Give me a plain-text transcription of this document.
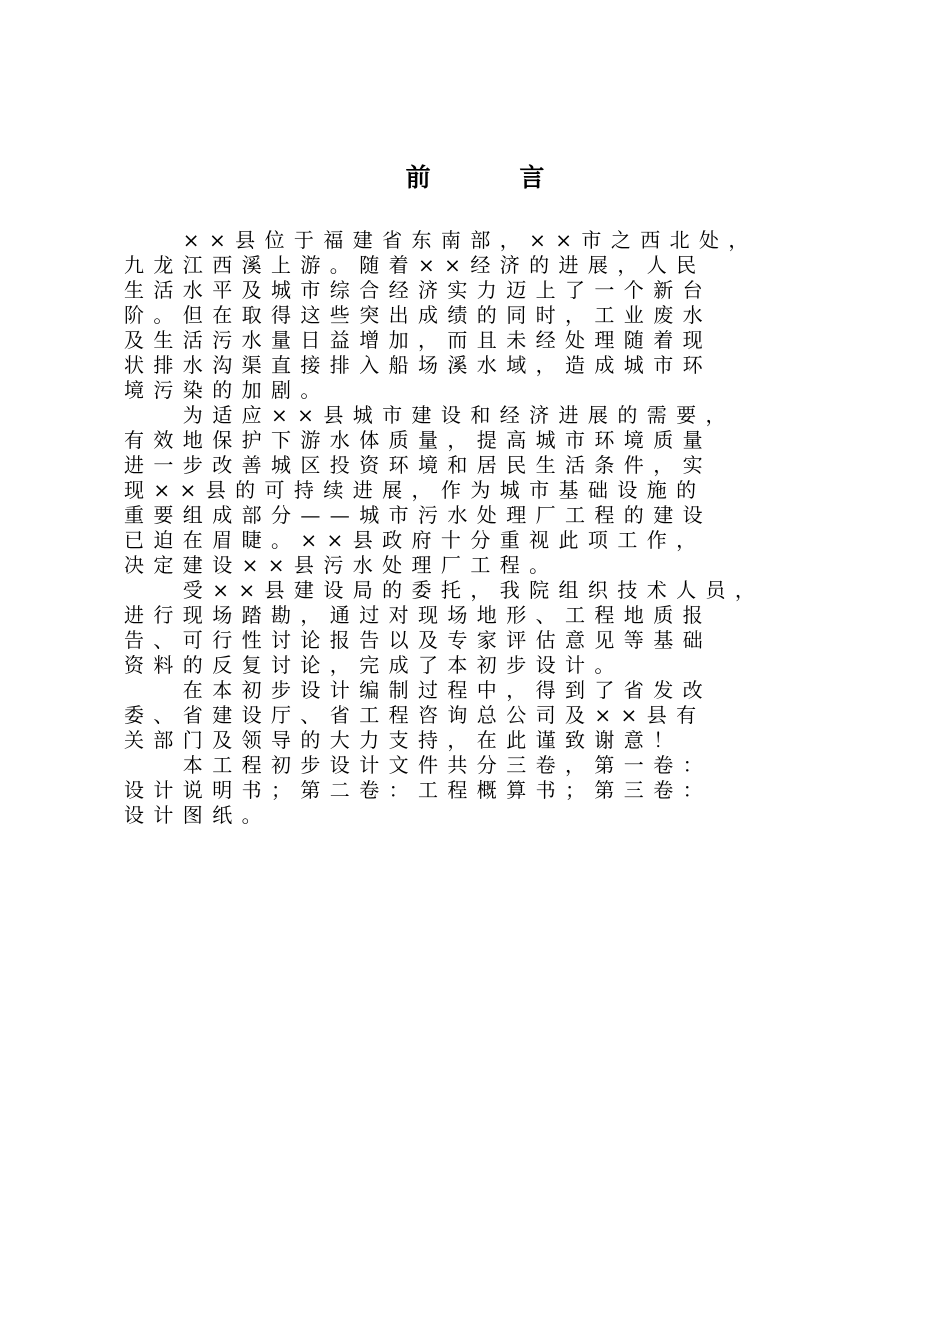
前 言

　　××县位于福建省东南部，××市之西北处，

九龙江西溪上游。随着××经济的进展，人民

生活水平及城市综合经济实力迈上了一个新台

阶。但在取得这些突出成绩的同时，工业废水

及生活污水量日益增加，而且未经处理随着现

状排水沟渠直接排入船场溪水域，造成城市环

境污染的加剧。

　　为适应××县城市建设和经济进展的需要，

有效地保护下游水体质量，提高城市环境质量

进一步改善城区投资环境和居民生活条件，实

现××县的可持续进展，作为城市基础设施的

重要组成部分——城市污水处理厂工程的建设

已迫在眉睫。××县政府十分重视此项工作，

决定建设××县污水处理厂工程。

　　受××县建设局的委托，我院组织技术人员，

进行现场踏勘，通过对现场地形、工程地质报

告、可行性讨论报告以及专家评估意见等基础

资料的反复讨论，完成了本初步设计。

　　在本初步设计编制过程中，得到了省发改

委、省建设厅、省工程咨询总公司及××县有

关部门及领导的大力支持，在此谨致谢意！

　　本工程初步设计文件共分三卷，第一卷：

设计说明书；第二卷：工程概算书；第三卷：

设计图纸。
